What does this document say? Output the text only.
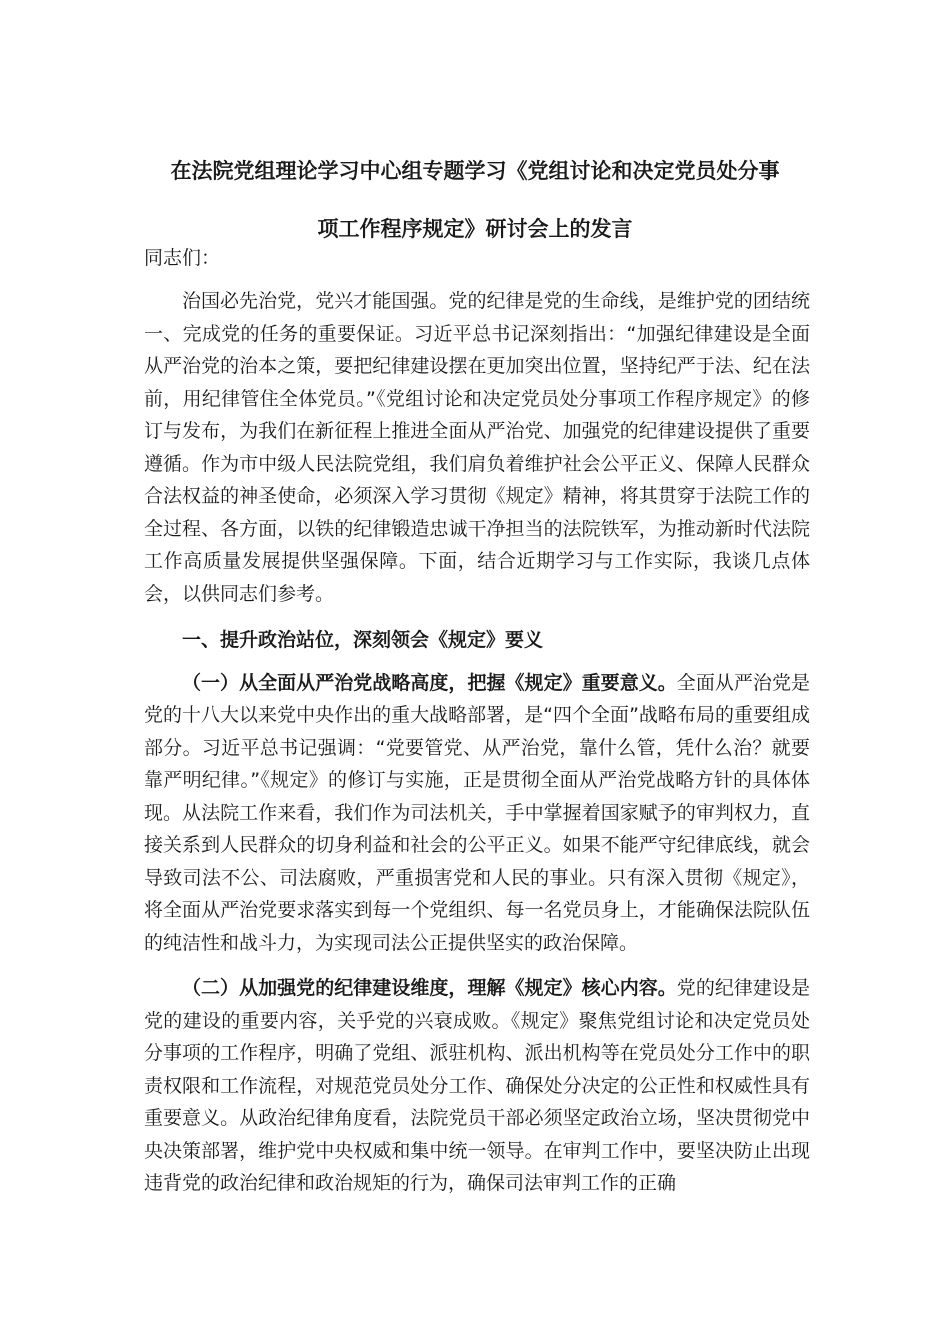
在法院党组理论学习中心组专题学习《党组讨论和决定党员处分事
项工作程序规定》研讨会上的发言

同志们：

治国必先治党，党兴才能国强。党的纪律是党的生命线，是维护党的团结统一、完成党的任务的重要保证。习近平总书记深刻指出：“加强纪律建设是全面从严治党的治本之策，要把纪律建设摆在更加突出位置，坚持纪严于法、纪在法前，用纪律管住全体党员。”《党组讨论和决定党员处分事项工作程序规定》的修订与发布，为我们在新征程上推进全面从严治党、加强党的纪律建设提供了重要遵循。作为市中级人民法院党组，我们肩负着维护社会公平正义、保障人民群众合法权益的神圣使命，必须深入学习贯彻《规定》精神，将其贯穿于法院工作的全过程、各方面，以铁的纪律锻造忠诚干净担当的法院铁军，为推动新时代法院工作高质量发展提供坚强保障。下面，结合近期学习与工作实际，我谈几点体会，以供同志们参考。

一、提升政治站位，深刻领会《规定》要义

（一）从全面从严治党战略高度，把握《规定》重要意义。全面从严治党是党的十八大以来党中央作出的重大战略部署，是“四个全面”战略布局的重要组成部分。习近平总书记强调：“党要管党、从严治党，靠什么管，凭什么治？就要靠严明纪律。”《规定》的修订与实施，正是贯彻全面从严治党战略方针的具体体现。从法院工作来看，我们作为司法机关，手中掌握着国家赋予的审判权力，直接关系到人民群众的切身利益和社会的公平正义。如果不能严守纪律底线，就会导致司法不公、司法腐败，严重损害党和人民的事业。只有深入贯彻《规定》，将全面从严治党要求落实到每一个党组织、每一名党员身上，才能确保法院队伍的纯洁性和战斗力，为实现司法公正提供坚实的政治保障。

（二）从加强党的纪律建设维度，理解《规定》核心内容。党的纪律建设是党的建设的重要内容，关乎党的兴衰成败。《规定》聚焦党组讨论和决定党员处分事项的工作程序，明确了党组、派驻机构、派出机构等在党员处分工作中的职责权限和工作流程，对规范党员处分工作、确保处分决定的公正性和权威性具有重要意义。从政治纪律角度看，法院党员干部必须坚定政治立场，坚决贯彻党中央决策部署，维护党中央权威和集中统一领导。在审判工作中，要坚决防止出现违背党的政治纪律和政治规矩的行为，确保司法审判工作的正确
